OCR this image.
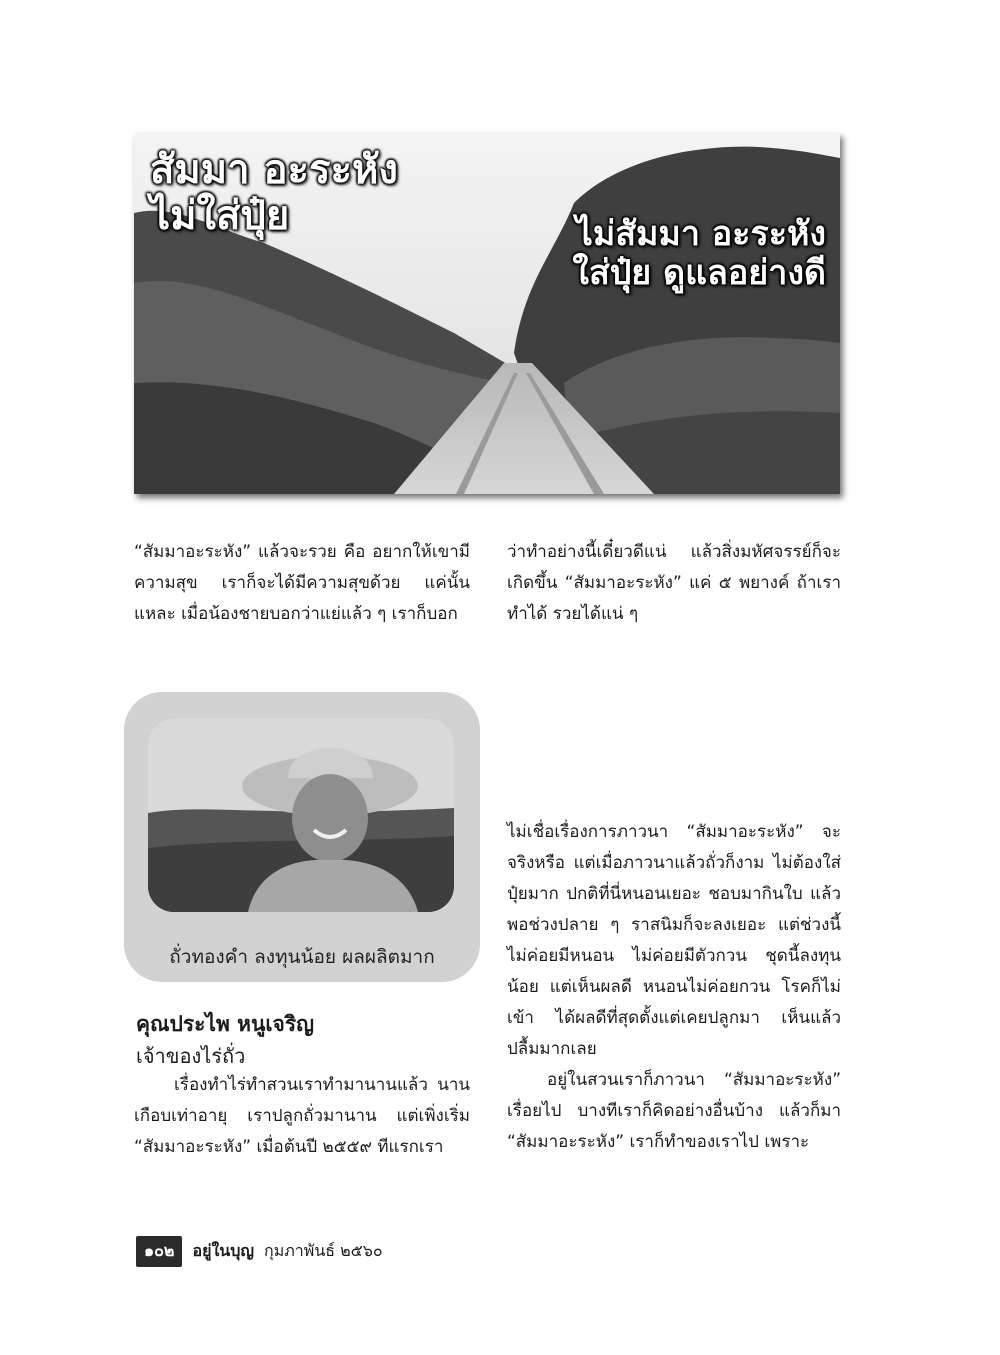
สัมมา อะระหัง
ไม่ใส่ปุ๋ย	ไม่สัมมา อะระหัง
ใส่ปุ๋ย ดูแลอย่างดี

“สัมมาอะระหัง” แล้วจะรวย คือ อยากให้เขามีความสุข เราก็จะได้มีความสุขด้วย แค่นั้นแหละ เมื่อน้องชายบอกว่าแย่แล้ว ๆ เราก็บอก

ว่าทำอย่างนี้เดี๋ยวดีแน่ แล้วสิ่งมหัศจรรย์ก็จะเกิดขึ้น “สัมมาอะระหัง” แค่ ๕ พยางค์ ถ้าเราทำได้ รวยได้แน่ ๆ

ถั่วทองคำ ลงทุนน้อย ผลผลิตมาก
คุณประไพ หนูเจริญ
เจ้าของไร่ถั่ว

เรื่องทำไร่ทำสวนเราทำมานานแล้ว นานเกือบเท่าอายุ เราปลูกถั่วมานาน แต่เพิ่งเริ่ม “สัมมาอะระหัง” เมื่อต้นปี ๒๕๕๙ ทีแรกเรา

ไม่เชื่อเรื่องการภาวนา “สัมมาอะระหัง” จะจริงหรือ แต่เมื่อภาวนาแล้วถั่วก็งาม ไม่ต้องใส่ปุ๋ยมาก ปกติที่นี่หนอนเยอะ ชอบมากินใบ แล้วพอช่วงปลาย ๆ ราสนิมก็จะลงเยอะ แต่ช่วงนี้ไม่ค่อยมีหนอน ไม่ค่อยมีตัวกวน ชุดนี้ลงทุนน้อย แต่เห็นผลดี หนอนไม่ค่อยกวน โรคก็ไม่เข้า ได้ผลดีที่สุดตั้งแต่เคยปลูกมา เห็นแล้วปลื้มมากเลย

อยู่ในสวนเราก็ภาวนา “สัมมาอะระหัง” เรื่อยไป บางทีเราก็คิดอย่างอื่นบ้าง แล้วก็มา “สัมมาอะระหัง” เราก็ทำของเราไป เพราะ

๑๐๒	อยู่ในบุญ กุมภาพันธ์ ๒๕๖๐
